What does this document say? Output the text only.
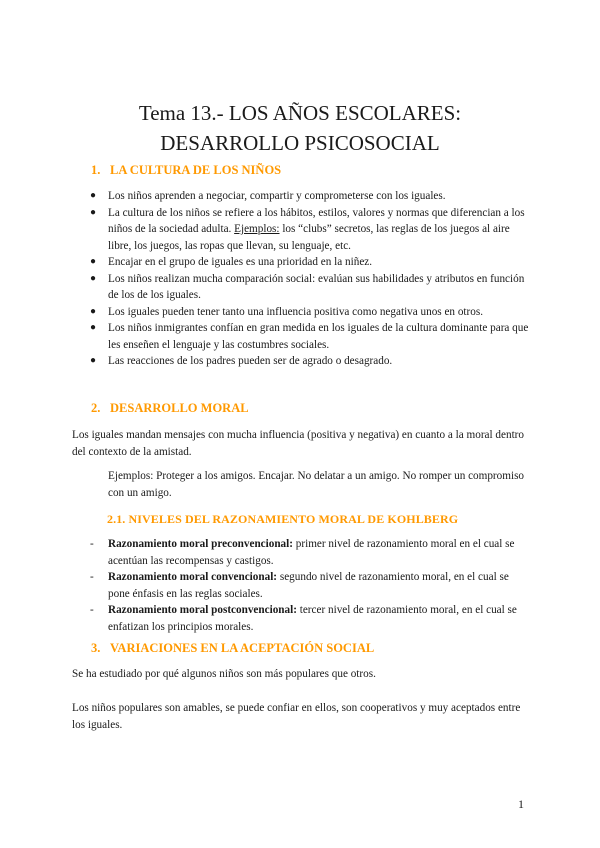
Tema 13.- LOS AÑOS ESCOLARES:
DESARROLLO PSICOSOCIAL
1. LA CULTURA DE LOS NIÑOS
● Los niños aprenden a negociar, compartir y comprometerse con los iguales.
● La cultura de los niños se refiere a los hábitos, estilos, valores y normas que diferencian a los niños de la sociedad adulta. Ejemplos: los “clubs” secretos, las reglas de los juegos al aire libre, los juegos, las ropas que llevan, su lenguaje, etc.
● Encajar en el grupo de iguales es una prioridad en la niñez.
● Los niños realizan mucha comparación social: evalúan sus habilidades y atributos en función de los de los iguales.
● Los iguales pueden tener tanto una influencia positiva como negativa unos en otros.
● Los niños inmigrantes confían en gran medida en los iguales de la cultura dominante para que les enseñen el lenguaje y las costumbres sociales.
● Las reacciones de los padres pueden ser de agrado o desagrado.
2. DESARROLLO MORAL

Los iguales mandan mensajes con mucha influencia (positiva y negativa) en cuanto a la moral dentro del contexto de la amistad.

Ejemplos: Proteger a los amigos. Encajar. No delatar a un amigo. No romper un compromiso con un amigo.

2.1. NIVELES DEL RAZONAMIENTO MORAL DE KOHLBERG
- Razonamiento moral preconvencional: primer nivel de razonamiento moral en el cual se acentúan las recompensas y castigos.
- Razonamiento moral convencional: segundo nivel de razonamiento moral, en el cual se pone énfasis en las reglas sociales.
- Razonamiento moral postconvencional: tercer nivel de razonamiento moral, en el cual se enfatizan los principios morales.
3. VARIACIONES EN LA ACEPTACIÓN SOCIAL

Se ha estudiado por qué algunos niños son más populares que otros.

Los niños populares son amables, se puede confiar en ellos, son cooperativos y muy aceptados entre los iguales.

1
